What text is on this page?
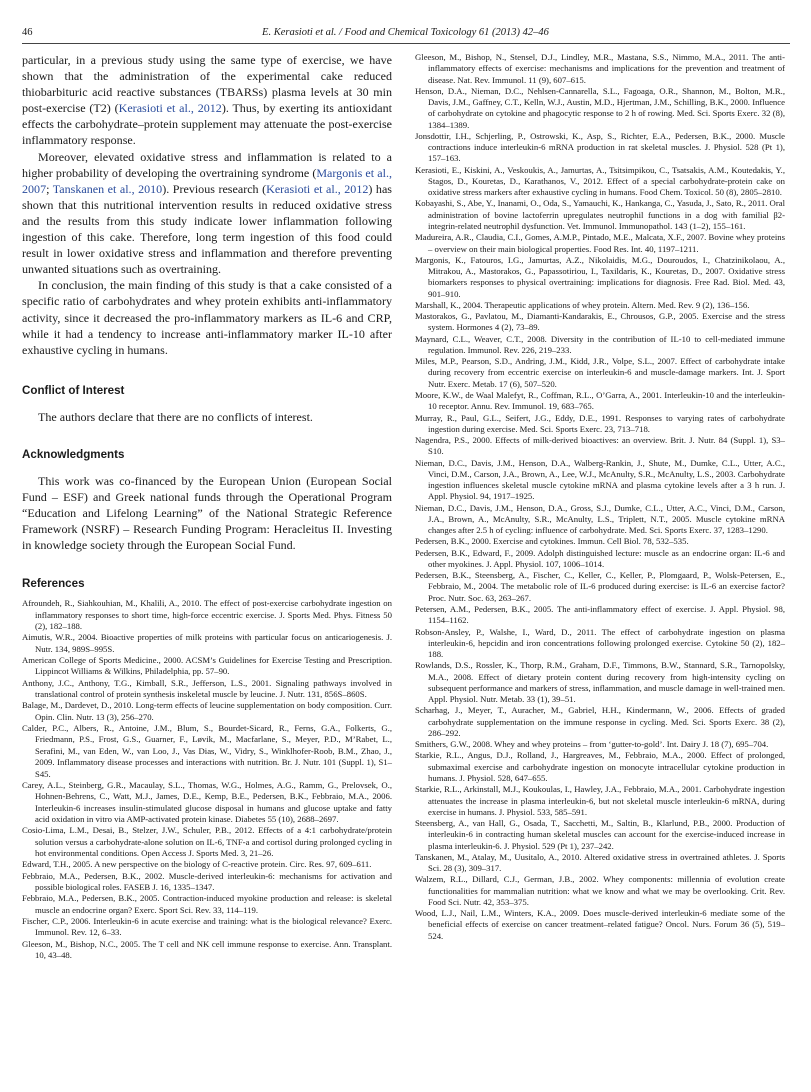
46	E. Kerasioti et al. / Food and Chemical Toxicology 61 (2013) 42–46

particular, in a previous study using the same type of exercise, we have shown that the administration of the experimental cake reduced thiobarbituric acid reactive substances (TBARSs) plasma levels at 30 min post-exercise (T2) (Kerasioti et al., 2012). Thus, by exerting its antioxidant effects the carbohydrate–protein supplement may attenuate the post-exercise inflammatory response.

Moreover, elevated oxidative stress and inflammation is related to a higher probability of developing the overtraining syndrome (Margonis et al., 2007; Tanskanen et al., 2010). Previous research (Kerasioti et al., 2012) has shown that this nutritional intervention results in reduced oxidative stress and the results from this study indicate lower inflammation following ingestion of this cake. Therefore, long term ingestion of this food could result in lower oxidative stress and inflammation and therefore preventing unwanted situations such as overtraining.

In conclusion, the main finding of this study is that a cake consisted of a specific ratio of carbohydrates and whey protein exhibits anti-inflammatory activity, since it decreased the pro-inflammatory markers as IL-6 and CRP, while it had a tendency to increase anti-inflammatory marker IL-10 after exhaustive cycling in humans.

Conflict of Interest

The authors declare that there are no conflicts of interest.

Acknowledgments

This work was co-financed by the European Union (European Social Fund – ESF) and Greek national funds through the Operational Program “Education and Lifelong Learning” of the National Strategic Reference Framework (NSRF) – Research Funding Program: Heracleitus II. Investing in knowledge society through the European Social Fund.

References

Afroundeh, R., Siahkouhian, M., Khalili, A., 2010. The effect of post-exercise carbohydrate ingestion on inflammatory responses to short time, high-force eccentric exercise. J. Sports Med. Phys. Fitness 50 (2), 182–188.

Aimutis, W.R., 2004. Bioactive properties of milk proteins with particular focus on anticariogenesis. J. Nutr. 134, 989S–995S.

American College of Sports Medicine., 2000. ACSM’s Guidelines for Exercise Testing and Prescription. Lippincot Williams & Wilkins, Philadelphia, pp. 57–90.

Anthony, J.C., Anthony, T.G., Kimball, S.R., Jefferson, L.S., 2001. Signaling pathways involved in translational control of protein synthesis inskeletal muscle by leucine. J. Nutr. 131, 856S–860S.

Balage, M., Dardevet, D., 2010. Long-term effects of leucine supplementation on body composition. Curr. Opin. Clin. Nutr. 13 (3), 256–270.

Calder, P.C., Albers, R., Antoine, J.M., Blum, S., Bourdet-Sicard, R., Ferns, G.A., Folkerts, G., Friedmann, P.S., Frost, G.S., Guarner, F., Løvik, M., Macfarlane, S., Meyer, P.D., M’Rabet, L., Serafini, M., van Eden, W., van Loo, J., Vas Dias, W., Vidry, S., Winklhofer-Roob, B.M., Zhao, J., 2009. Inflammatory disease processes and interactions with nutrition. Br. J. Nutr. 101 (Suppl. 1), S1–S45.

Carey, A.L., Steinberg, G.R., Macaulay, S.L., Thomas, W.G., Holmes, A.G., Ramm, G., Prelovsek, O., Hohnen-Behrens, C., Watt, M.J., James, D.E., Kemp, B.E., Pedersen, B.K., Febbraio, M.A., 2006. Interleukin-6 increases insulin-stimulated glucose disposal in humans and glucose uptake and fatty acid oxidation in vitro via AMP-activated protein kinase. Diabetes 55 (10), 2688–2697.

Cosio-Lima, L.M., Desai, B., Stelzer, J.W., Schuler, P.B., 2012. Effects of a 4:1 carbohydrate/protein solution versus a carbohydrate-alone solution on IL-6, TNF-a and cortisol during prolonged cycling in hot environmental conditions. Open Access J. Sports Med. 3, 21–26.

Edward, T.H., 2005. A new perspective on the biology of C-reactive protein. Circ. Res. 97, 609–611.

Febbraio, M.A., Pedersen, B.K., 2002. Muscle-derived interleukin-6: mechanisms for activation and possible biological roles. FASEB J. 16, 1335–1347.

Febbraio, M.A., Pedersen, B.K., 2005. Contraction-induced myokine production and release: is skeletal muscle an endocrine organ? Exerc. Sport Sci. Rev. 33, 114–119.

Fischer, C.P., 2006. Interleukin-6 in acute exercise and training: what is the biological relevance? Exerc. Immunol. Rev. 12, 6–33.

Gleeson, M., Bishop, N.C., 2005. The T cell and NK cell immune response to exercise. Ann. Transplant. 10, 43–48.

Gleeson, M., Bishop, N., Stensel, D.J., Lindley, M.R., Mastana, S.S., Nimmo, M.A., 2011. The anti-inflammatory effects of exercise: mechanisms and implications for the prevention and treatment of disease. Nat. Rev. Immunol. 11 (9), 607–615.

Henson, D.A., Nieman, D.C., Nehlsen-Cannarella, S.L., Fagoaga, O.R., Shannon, M., Bolton, M.R., Davis, J.M., Gaffney, C.T., Kelln, W.J., Austin, M.D., Hjertman, J.M., Schilling, B.K., 2000. Influence of carbohydrate on cytokine and phagocytic response to 2 h of rowing. Med. Sci. Sports Exerc. 32 (8), 1384–1389.

Jonsdottir, I.H., Schjerling, P., Ostrowski, K., Asp, S., Richter, E.A., Pedersen, B.K., 2000. Muscle contractions induce interleukin-6 mRNA production in rat skeletal muscles. J. Physiol. 528 (Pt 1), 157–163.

Kerasioti, E., Kiskini, A., Veskoukis, A., Jamurtas, A., Tsitsimpikou, C., Tsatsakis, A.M., Koutedakis, Y., Stagos, D., Kouretas, D., Karathanos, V., 2012. Effect of a special carbohydrate-protein cake on oxidative stress markers after exhaustive cycling in humans. Food Chem. Toxicol. 50 (8), 2805–2810.

Kobayashi, S., Abe, Y., Inanami, O., Oda, S., Yamauchi, K., Hankanga, C., Yasuda, J., Sato, R., 2011. Oral administration of bovine lactoferrin upregulates neutrophil functions in a dog with familial β2-integrin-related neutrophil dysfunction. Vet. Immunol. Immunopathol. 143 (1–2), 155–161.

Madureira, A.R., Claudia, C.I., Gomes, A.M.P., Pintado, M.E., Malcata, X.F., 2007. Bovine whey proteins – overview on their main biological properties. Food Res. Int. 40, 1197–1211.

Margonis, K., Fatouros, I.G., Jamurtas, A.Z., Nikolaidis, M.G., Douroudos, I., Chatzinikolaou, A., Mitrakou, A., Mastorakos, G., Papassotiriou, I., Taxildaris, K., Kouretas, D., 2007. Oxidative stress biomarkers responses to physical overtraining: implications for diagnosis. Free Rad. Biol. Med. 43, 901–910.

Marshall, K., 2004. Therapeutic applications of whey protein. Altern. Med. Rev. 9 (2), 136–156.

Mastorakos, G., Pavlatou, M., Diamanti-Kandarakis, E., Chrousos, G.P., 2005. Exercise and the stress system. Hormones 4 (2), 73–89.

Maynard, C.L., Weaver, C.T., 2008. Diversity in the contribution of IL-10 to cell-mediated immune regulation. Immunol. Rev. 226, 219–233.

Miles, M.P., Pearson, S.D., Andring, J.M., Kidd, J.R., Volpe, S.L., 2007. Effect of carbohydrate intake during recovery from eccentric exercise on interleukin-6 and muscle-damage markers. Int. J. Sport Nutr. Exerc. Metab. 17 (6), 507–520.

Moore, K.W., de Waal Malefyt, R., Coffman, R.L., O’Garra, A., 2001. Interleukin-10 and the interleukin-10 receptor. Annu. Rev. Immunol. 19, 683–765.

Murray, R., Paul, G.L., Seifert, J.G., Eddy, D.E., 1991. Responses to varying rates of carbohydrate ingestion during exercise. Med. Sci. Sports Exerc. 23, 713–718.

Nagendra, P.S., 2000. Effects of milk-derived bioactives: an overview. Brit. J. Nutr. 84 (Suppl. 1), S3–S10.

Nieman, D.C., Davis, J.M., Henson, D.A., Walberg-Rankin, J., Shute, M., Dumke, C.L., Utter, A.C., Vinci, D.M., Carson, J.A., Brown, A., Lee, W.J., McAnulty, S.R., McAnulty, L.S., 2003. Carbohydrate ingestion influences skeletal muscle cytokine mRNA and plasma cytokine levels after a 3 h run. J. Appl. Physiol. 94, 1917–1925.

Nieman, D.C., Davis, J.M., Henson, D.A., Gross, S.J., Dumke, C.L., Utter, A.C., Vinci, D.M., Carson, J.A., Brown, A., McAnulty, S.R., McAnulty, L.S., Triplett, N.T., 2005. Muscle cytokine mRNA changes after 2.5 h of cycling: influence of carbohydrate. Med. Sci. Sports Exerc. 37, 1283–1290.

Pedersen, B.K., 2000. Exercise and cytokines. Immun. Cell Biol. 78, 532–535.

Pedersen, B.K., Edward, F., 2009. Adolph distinguished lecture: muscle as an endocrine organ: IL-6 and other myokines. J. Appl. Physiol. 107, 1006–1014.

Pedersen, B.K., Steensberg, A., Fischer, C., Keller, C., Keller, P., Plomgaard, P., Wolsk-Petersen, E., Febbraio, M., 2004. The metabolic role of IL-6 produced during exercise: is IL-6 an exercise factor? Proc. Nutr. Soc. 63, 263–267.

Petersen, A.M., Pedersen, B.K., 2005. The anti-inflammatory effect of exercise. J. Appl. Physiol. 98, 1154–1162.

Robson-Ansley, P., Walshe, I., Ward, D., 2011. The effect of carbohydrate ingestion on plasma interleukin-6, hepcidin and iron concentrations following prolonged exercise. Cytokine 50 (2), 182–188.

Rowlands, D.S., Rossler, K., Thorp, R.M., Graham, D.F., Timmons, B.W., Stannard, S.R., Tarnopolsky, M.A., 2008. Effect of dietary protein content during recovery from high-intensity cycling on subsequent performance and markers of stress, inflammation, and muscle damage in well-trained men. Appl. Physiol. Nutr. Metab. 33 (1), 39–51.

Scharhag, J., Meyer, T., Auracher, M., Gabriel, H.H., Kindermann, W., 2006. Effects of graded carbohydrate supplementation on the immune response in cycling. Med. Sci. Sports Exerc. 38 (2), 286–292.

Smithers, G.W., 2008. Whey and whey proteins – from ‘gutter-to-gold’. Int. Dairy J. 18 (7), 695–704.

Starkie, R.L., Angus, D.J., Rolland, J., Hargreaves, M., Febbraio, M.A., 2000. Effect of prolonged, submaximal exercise and carbohydrate ingestion on monocyte intracellular cytokine production in humans. J. Physiol. 528, 647–655.

Starkie, R.L., Arkinstall, M.J., Koukoulas, I., Hawley, J.A., Febbraio, M.A., 2001. Carbohydrate ingestion attenuates the increase in plasma interleukin-6, but not skeletal muscle interleukin-6 mRNA, during exercise in humans. J. Physiol. 533, 585–591.

Steensberg, A., van Hall, G., Osada, T., Sacchetti, M., Saltin, B., Klarlund, P.B., 2000. Production of interleukin-6 in contracting human skeletal muscles can account for the exercise-induced increase in plasma interleukin-6. J. Physiol. 529 (Pt 1), 237–242.

Tanskanen, M., Atalay, M., Uusitalo, A., 2010. Altered oxidative stress in overtrained athletes. J. Sports Sci. 28 (3), 309–317.

Walzem, R.L., Dillard, C.J., German, J.B., 2002. Whey components: millennia of evolution create functionalities for mammalian nutrition: what we know and what we may be overlooking. Crit. Rev. Food Sci. Nutr. 42, 353–375.

Wood, L.J., Nail, L.M., Winters, K.A., 2009. Does muscle-derived interleukin-6 mediate some of the beneficial effects of exercise on cancer treatment–related fatigue? Oncol. Nurs. Forum 36 (5), 519–524.
